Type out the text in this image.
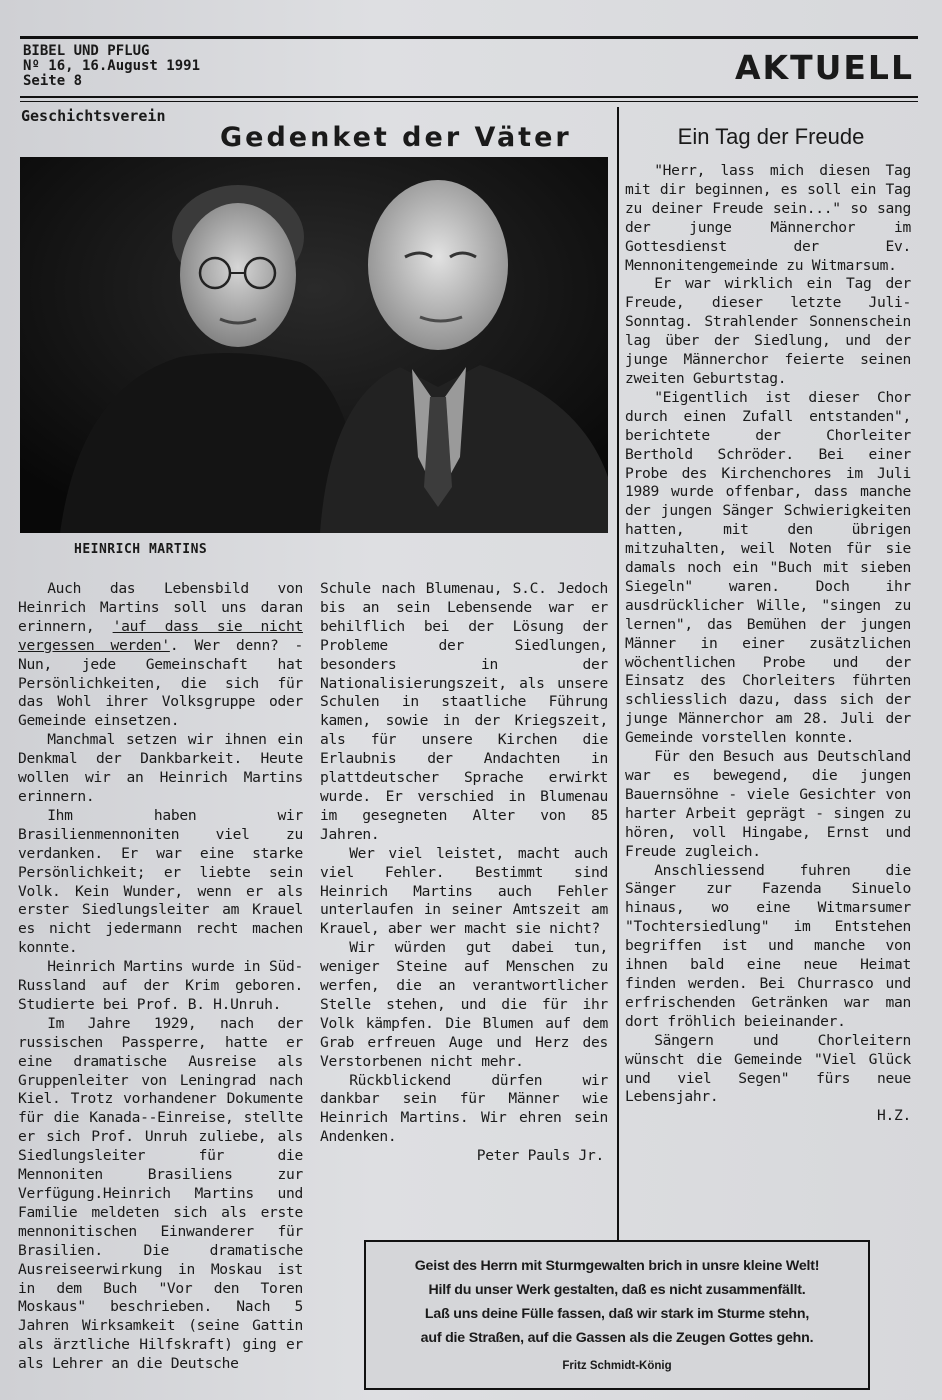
BIBEL UND PFLUG
Nº 16, 16.August 1991
Seite 8	AKTUELL
Geschichtsverein
Gedenket der Väter
HEINRICH MARTINS

Auch das Lebensbild von Heinrich Martins soll uns daran erinnern, 'auf dass sie nicht vergessen werden'. Wer denn? - Nun, jede Gemeinschaft hat Persönlichkeiten, die sich für das Wohl ihrer Volksgruppe oder Gemeinde einsetzen.

Manchmal setzen wir ihnen ein Denkmal der Dankbarkeit. Heute wollen wir an Heinrich Martins erinnern.

Ihm haben wir Brasilienmennoniten viel zu verdanken. Er war eine starke Persönlichkeit; er liebte sein Volk. Kein Wunder, wenn er als erster Siedlungsleiter am Krauel es nicht jedermann recht machen konnte.

Heinrich Martins wurde in Süd-Russland auf der Krim geboren. Studierte bei Prof. B. H.Unruh.

Im Jahre 1929, nach der russischen Passperre, hatte er eine dramatische Ausreise als Gruppenleiter von Leningrad nach Kiel. Trotz vorhandener Dokumente für die Kanada--Einreise, stellte er sich Prof. Unruh zuliebe, als Siedlungsleiter für die Mennoniten Brasiliens zur Verfügung.Heinrich Martins und Familie meldeten sich als erste mennonitischen Einwanderer für Brasilien. Die dramatische Ausreiseerwirkung in Moskau ist in dem Buch "Vor den Toren Moskaus" beschrieben. Nach 5 Jahren Wirksamkeit (seine Gattin als ärztliche Hilfskraft) ging er als Lehrer an die Deutsche

Schule nach Blumenau, S.C. Jedoch bis an sein Lebensende war er behilflich bei der Lösung der Probleme der Siedlungen, besonders in der Nationalisierungszeit, als unsere Schulen in staatliche Führung kamen, sowie in der Kriegszeit, als für unsere Kirchen die Erlaubnis der Andachten in plattdeutscher Sprache erwirkt wurde. Er verschied in Blumenau im gesegneten Alter von 85 Jahren.

Wer viel leistet, macht auch viel Fehler. Bestimmt sind Heinrich Martins auch Fehler unterlaufen in seiner Amtszeit am Krauel, aber wer macht sie nicht?

Wir würden gut dabei tun, weniger Steine auf Menschen zu werfen, die an verantwortlicher Stelle stehen, und die für ihr Volk kämpfen. Die Blumen auf dem Grab erfreuen Auge und Herz des Verstorbenen nicht mehr.

Rückblickend dürfen wir dankbar sein für Männer wie Heinrich Martins. Wir ehren sein Andenken.

Peter Pauls Jr.

Ein Tag der Freude

"Herr, lass mich diesen Tag mit dir beginnen, es soll ein Tag zu deiner Freude sein..." so sang der junge Männerchor im Gottesdienst der Ev. Mennonitengemeinde zu Witmarsum.

Er war wirklich ein Tag der Freude, dieser letzte Juli-Sonntag. Strahlender Sonnenschein lag über der Siedlung, und der junge Männerchor feierte seinen zweiten Geburtstag.

"Eigentlich ist dieser Chor durch einen Zufall entstanden", berichtete der Chorleiter Berthold Schröder. Bei einer Probe des Kirchenchores im Juli 1989 wurde offenbar, dass manche der jungen Sänger Schwierigkeiten hatten, mit den übrigen mitzuhalten, weil Noten für sie damals noch ein "Buch mit sieben Siegeln" waren. Doch ihr ausdrücklicher Wille, "singen zu lernen", das Bemühen der jungen Männer in einer zusätzlichen wöchentlichen Probe und der Einsatz des Chorleiters führten schliesslich dazu, dass sich der junge Männerchor am 28. Juli der Gemeinde vorstellen konnte.

Für den Besuch aus Deutschland war es bewegend, die jungen Bauernsöhne - viele Gesichter von harter Arbeit geprägt - singen zu hören, voll Hingabe, Ernst und Freude zugleich.

Anschliessend fuhren die Sänger zur Fazenda Sinuelo hinaus, wo eine Witmarsumer "Tochtersiedlung" im Entstehen begriffen ist und manche von ihnen bald eine neue Heimat finden werden. Bei Churrasco und erfrischenden Getränken war man dort fröhlich beieinander.

Sängern und Chorleitern wünscht die Gemeinde "Viel Glück und viel Segen" fürs neue Lebensjahr.

H.Z.

Geist des Herrn mit Sturmgewalten brich in unsre kleine Welt!
Hilf du unser Werk gestalten, daß es nicht zusammenfällt.
Laß uns deine Fülle fassen, daß wir stark im Sturme stehn,
auf die Straßen, auf die Gassen als die Zeugen Gottes gehn.
Fritz Schmidt-König
